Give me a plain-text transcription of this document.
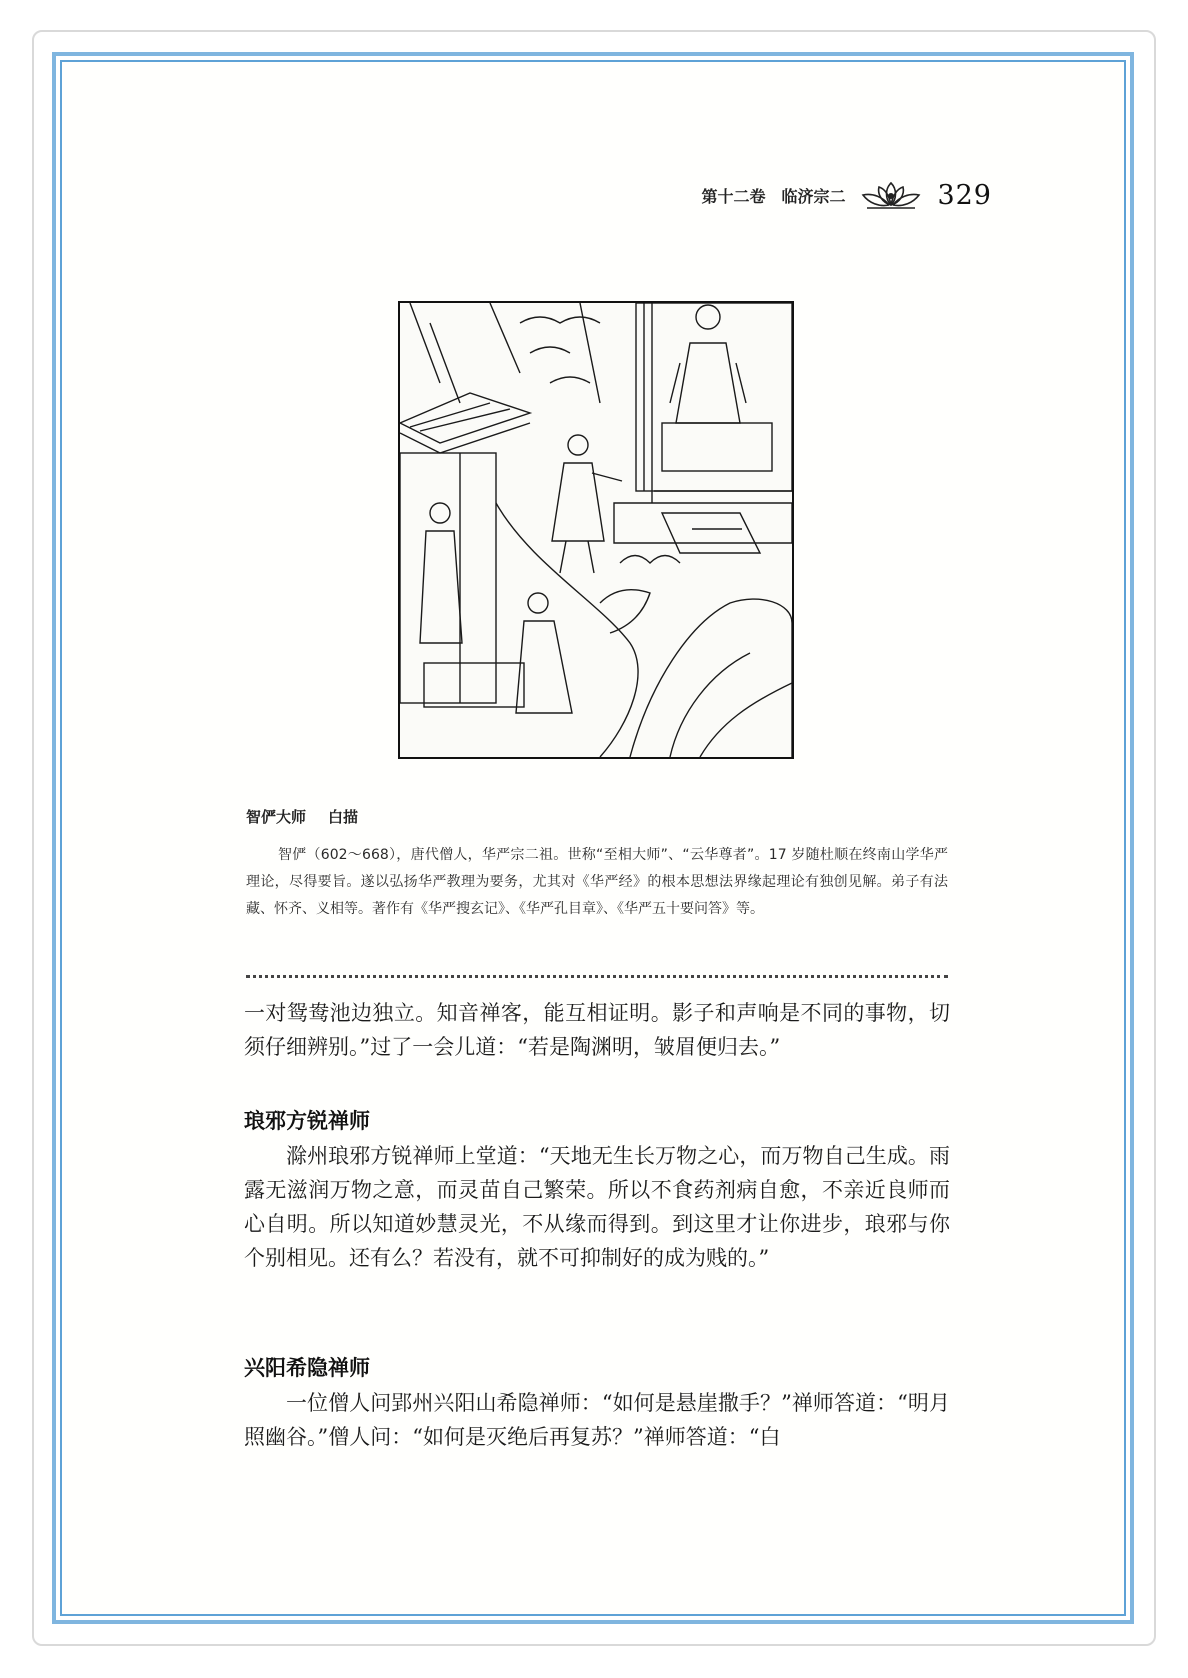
第十二卷　临济宗二	329
智俨大师 白描
智俨（602～668），唐代僧人，华严宗二祖。世称“至相大师”、“云华尊者”。17 岁随杜顺在终南山学华严理论，尽得要旨。遂以弘扬华严教理为要务，尤其对《华严经》的根本思想法界缘起理论有独创见解。弟子有法藏、怀齐、义相等。著作有《华严搜玄记》、《华严孔目章》、《华严五十要问答》等。
一对鸳鸯池边独立。知音禅客，能互相证明。影子和声响是不同的事物，切须仔细辨别。”过了一会儿道：“若是陶渊明，皱眉便归去。”
琅邪方锐禅师
滁州琅邪方锐禅师上堂道：“天地无生长万物之心，而万物自己生成。雨露无滋润万物之意，而灵苗自己繁荣。所以不食药剂病自愈，不亲近良师而心自明。所以知道妙慧灵光，不从缘而得到。到这里才让你进步，琅邪与你个别相见。还有么？若没有，就不可抑制好的成为贱的。”
兴阳希隐禅师
一位僧人问郢州兴阳山希隐禅师：“如何是悬崖撒手？”禅师答道：“明月照幽谷。”僧人问：“如何是灭绝后再复苏？”禅师答道：“白
